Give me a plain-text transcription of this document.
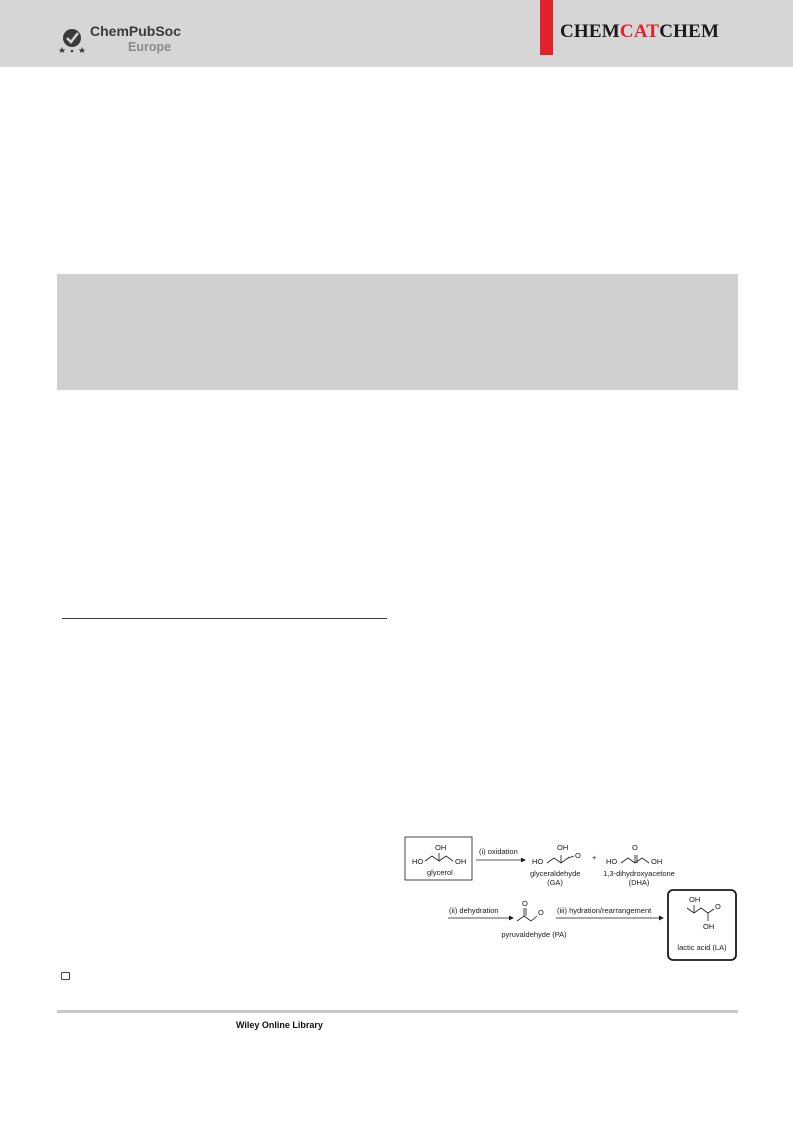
ChemPubSoc
Europe
CHEMCATCHEM
OH
HO	OH
glycerol
(i) oxidation	OH
HO
O
glyceraldehyde
(GA)
+
O
HO	OH
1,3-dihydroxyacetone
(DHA)
(ii) dehydration
O
O
pyruvaldehyde (PA)
(iii) hydration/rearrangement
OH
O
OH
lactic acid (LA)
Wiley Online Library
